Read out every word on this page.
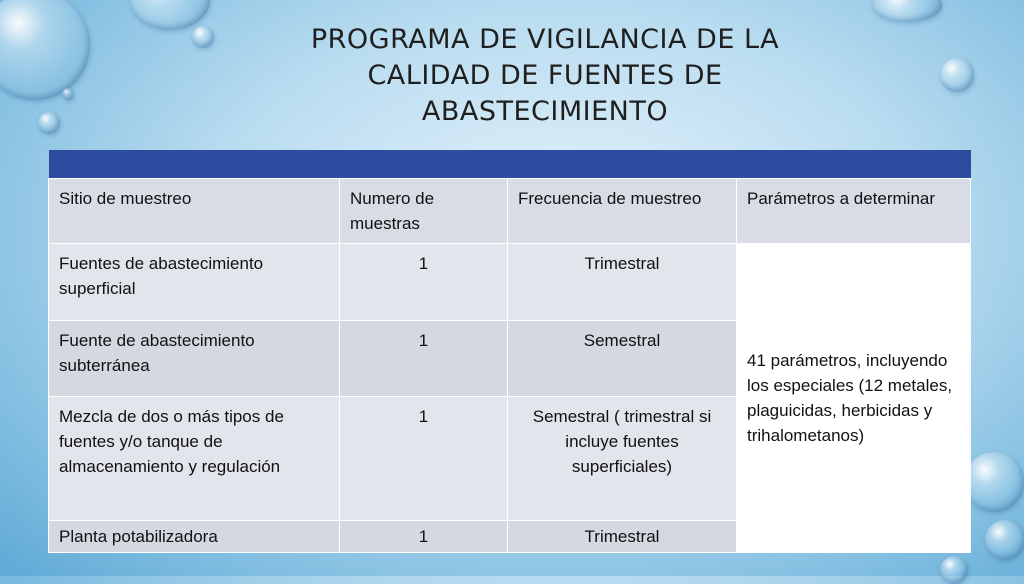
PROGRAMA DE VIGILANCIA DE LA
CALIDAD DE FUENTES DE
ABASTECIMIENTO
Análisis fisicoquímicos y análisis microbiológicos			
Sitio de muestreo	Numero de muestras	Frecuencia de muestreo	Parámetros a determinar
Fuentes de abastecimiento superficial	1	Trimestral	41 parámetros, incluyendo los especiales (12 metales, plaguicidas, herbicidas y trihalometanos)
Fuente de abastecimiento subterránea	1	Semestral	
Mezcla de dos o más tipos de fuentes y/o tanque de almacenamiento y regulación	1	Semestral ( trimestral si incluye fuentes superficiales)	
Planta potabilizadora	1	Trimestral	
